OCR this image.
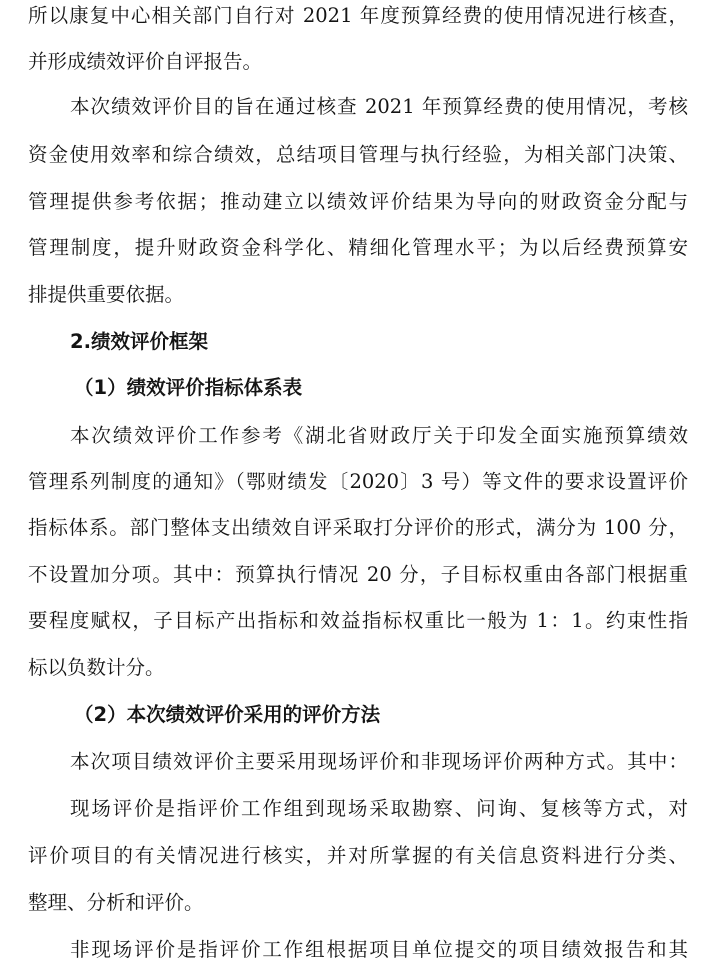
所以康复中心相关部门自行对 2021 年度预算经费的使用情况进行核查，
并形成绩效评价自评报告。
本次绩效评价目的旨在通过核查 2021 年预算经费的使用情况，考核
资金使用效率和综合绩效，总结项目管理与执行经验，为相关部门决策、
管理提供参考依据；推动建立以绩效评价结果为导向的财政资金分配与
管理制度，提升财政资金科学化、精细化管理水平；为以后经费预算安
排提供重要依据。
2.绩效评价框架
（1）绩效评价指标体系表
本次绩效评价工作参考《湖北省财政厅关于印发全面实施预算绩效
管理系列制度的通知》（鄂财绩发〔2020〕3 号）等文件的要求设置评价
指标体系。部门整体支出绩效自评采取打分评价的形式，满分为 100 分，
不设置加分项。其中：预算执行情况 20 分，子目标权重由各部门根据重
要程度赋权，子目标产出指标和效益指标权重比一般为 1：1。约束性指
标以负数计分。
（2）本次绩效评价采用的评价方法
本次项目绩效评价主要采用现场评价和非现场评价两种方式。其中：
现场评价是指评价工作组到现场采取勘察、问询、复核等方式，对
评价项目的有关情况进行核实，并对所掌握的有关信息资料进行分类、
整理、分析和评价。
非现场评价是指评价工作组根据项目单位提交的项目绩效报告和其
